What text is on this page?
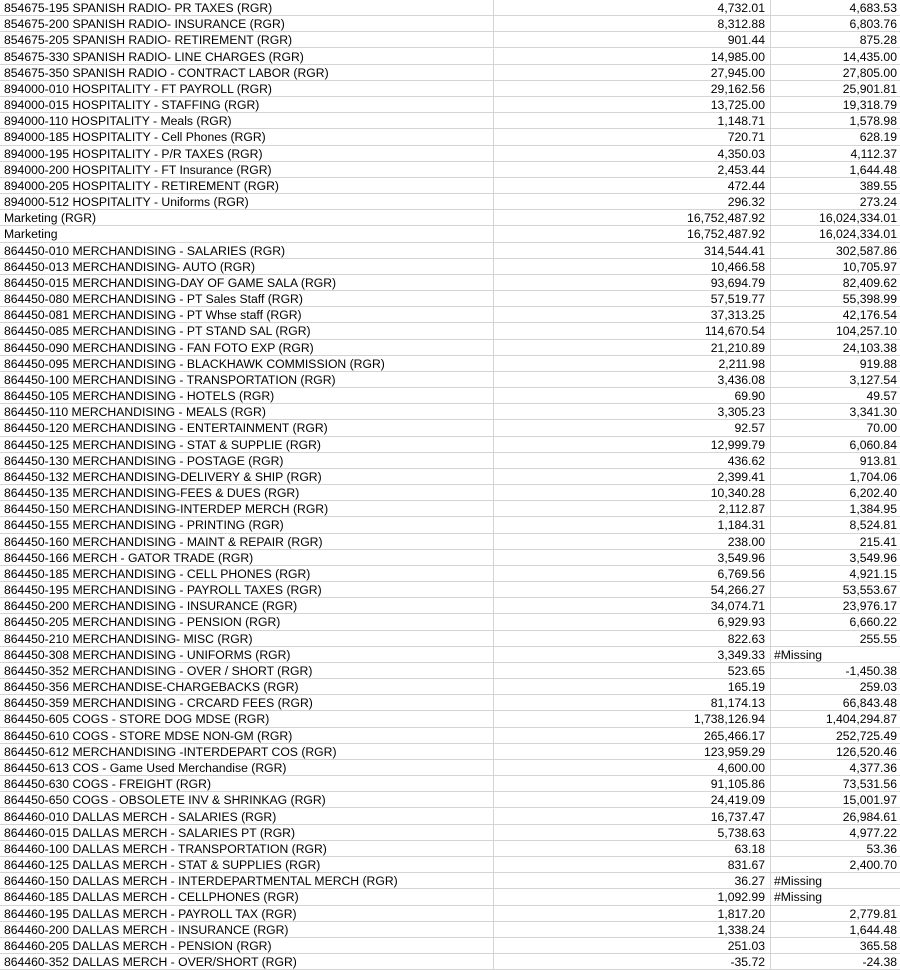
854675-195 SPANISH RADIO- PR TAXES (RGR)	4,732.01	4,683.53
854675-200 SPANISH RADIO- INSURANCE (RGR)	8,312.88	6,803.76
854675-205 SPANISH RADIO- RETIREMENT (RGR)	901.44	875.28
854675-330 SPANISH RADIO- LINE CHARGES (RGR)	14,985.00	14,435.00
854675-350 SPANISH RADIO - CONTRACT LABOR (RGR)	27,945.00	27,805.00
894000-010 HOSPITALITY - FT PAYROLL (RGR)	29,162.56	25,901.81
894000-015 HOSPITALITY - STAFFING (RGR)	13,725.00	19,318.79
894000-110 HOSPITALITY - Meals (RGR)	1,148.71	1,578.98
894000-185 HOSPITALITY - Cell Phones (RGR)	720.71	628.19
894000-195 HOSPITALITY - P/R TAXES (RGR)	4,350.03	4,112.37
894000-200 HOSPITALITY - FT Insurance (RGR)	2,453.44	1,644.48
894000-205 HOSPITALITY - RETIREMENT (RGR)	472.44	389.55
894000-512 HOSPITALITY - Uniforms (RGR)	296.32	273.24
Marketing (RGR)	16,752,487.92	16,024,334.01
Marketing	16,752,487.92	16,024,334.01
864450-010 MERCHANDISING - SALARIES (RGR)	314,544.41	302,587.86
864450-013 MERCHANDISING- AUTO (RGR)	10,466.58	10,705.97
864450-015 MERCHANDISING-DAY OF GAME SALA (RGR)	93,694.79	82,409.62
864450-080 MERCHANDISING - PT Sales Staff (RGR)	57,519.77	55,398.99
864450-081 MERCHANDISING - PT Whse staff (RGR)	37,313.25	42,176.54
864450-085 MERCHANDISING - PT STAND SAL (RGR)	114,670.54	104,257.10
864450-090 MERCHANDISING - FAN FOTO EXP (RGR)	21,210.89	24,103.38
864450-095 MERCHANDISING - BLACKHAWK COMMISSION (RGR)	2,211.98	919.88
864450-100 MERCHANDISING - TRANSPORTATION (RGR)	3,436.08	3,127.54
864450-105 MERCHANDISING - HOTELS (RGR)	69.90	49.57
864450-110 MERCHANDISING - MEALS (RGR)	3,305.23	3,341.30
864450-120 MERCHANDISING - ENTERTAINMENT (RGR)	92.57	70.00
864450-125 MERCHANDISING - STAT & SUPPLIE (RGR)	12,999.79	6,060.84
864450-130 MERCHANDISING - POSTAGE (RGR)	436.62	913.81
864450-132 MERCHANDISING-DELIVERY & SHIP (RGR)	2,399.41	1,704.06
864450-135 MERCHANDISING-FEES & DUES (RGR)	10,340.28	6,202.40
864450-150 MERCHANDISING-INTERDEP MERCH (RGR)	2,112.87	1,384.95
864450-155 MERCHANDISING - PRINTING (RGR)	1,184.31	8,524.81
864450-160 MERCHANDISING - MAINT & REPAIR (RGR)	238.00	215.41
864450-166 MERCH - GATOR TRADE (RGR)	3,549.96	3,549.96
864450-185 MERCHANDISING - CELL PHONES (RGR)	6,769.56	4,921.15
864450-195 MERCHANDISING - PAYROLL TAXES (RGR)	54,266.27	53,553.67
864450-200 MERCHANDISING - INSURANCE (RGR)	34,074.71	23,976.17
864450-205 MERCHANDISING - PENSION (RGR)	6,929.93	6,660.22
864450-210 MERCHANDISING- MISC (RGR)	822.63	255.55
864450-308 MERCHANDISING - UNIFORMS (RGR)	3,349.33 #Missing
864450-352 MERCHANDISING - OVER / SHORT (RGR)	523.65	-1,450.38
864450-356 MERCHANDISE-CHARGEBACKS (RGR)	165.19	259.03
864450-359 MERCHANDISING - CRCARD FEES (RGR)	81,174.13	66,843.48
864450-605 COGS - STORE DOG MDSE (RGR)	1,738,126.94	1,404,294.87
864450-610 COGS - STORE MDSE NON-GM (RGR)	265,466.17	252,725.49
864450-612 MERCHANDISING -INTERDEPART COS (RGR)	123,959.29	126,520.46
864450-613 COS - Game Used Merchandise (RGR)	4,600.00	4,377.36
864450-630 COGS - FREIGHT (RGR)	91,105.86	73,531.56
864450-650 COGS - OBSOLETE INV & SHRINKAG (RGR)	24,419.09	15,001.97
864460-010 DALLAS MERCH - SALARIES (RGR)	16,737.47	26,984.61
864460-015 DALLAS MERCH - SALARIES PT (RGR)	5,738.63	4,977.22
864460-100 DALLAS MERCH - TRANSPORTATION (RGR)	63.18	53.36
864460-125 DALLAS MERCH - STAT & SUPPLIES (RGR)	831.67	2,400.70
864460-150 DALLAS MERCH - INTERDEPARTMENTAL MERCH (RGR)	36.27 #Missing
864460-185 DALLAS MERCH - CELLPHONES (RGR)	1,092.99 #Missing
864460-195 DALLAS MERCH - PAYROLL TAX (RGR)	1,817.20	2,779.81
864460-200 DALLAS MERCH - INSURANCE (RGR)	1,338.24	1,644.48
864460-205 DALLAS MERCH - PENSION (RGR)	251.03	365.58
864460-352 DALLAS MERCH - OVER/SHORT (RGR)	-35.72	-24.38
